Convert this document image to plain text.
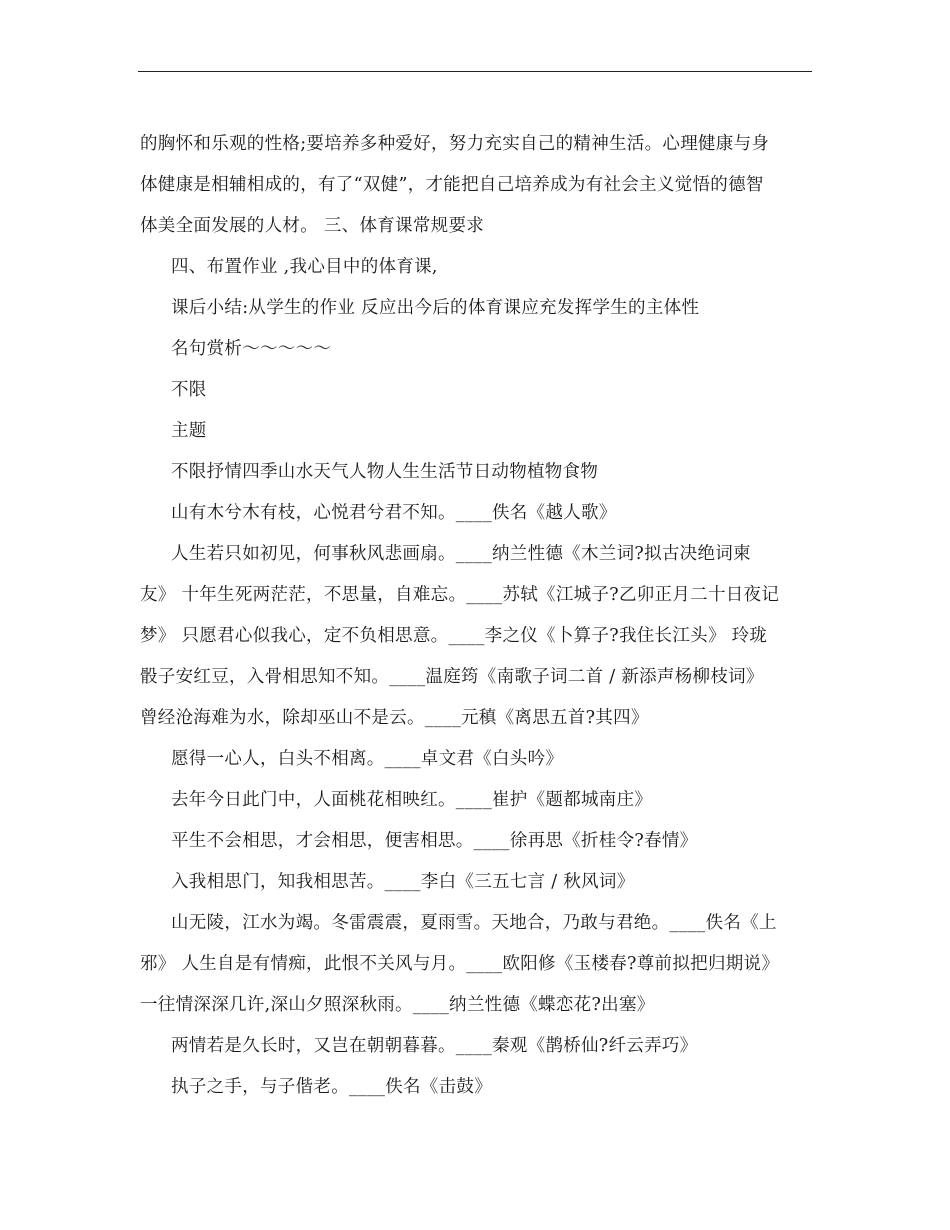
的胸怀和乐观的性格;要培养多种爱好，努力充实自己的精神生活。心理健康与身
体健康是相辅相成的，有了“双健”，才能把自己培养成为有社会主义觉悟的德智
体美全面发展的人材。 三、体育课常规要求
四、布置作业 ,我心目中的体育课,
课后小结:从学生的作业 反应出今后的体育课应充发挥学生的主体性
名句赏析～～～～～
不限
主题
不限抒情四季山水天气人物人生生活节日动物植物食物
山有木兮木有枝，心悦君兮君不知。____佚名《越人歌》
人生若只如初见，何事秋风悲画扇。____纳兰性德《木兰词?拟古决绝词柬
友》 十年生死两茫茫，不思量，自难忘。____苏轼《江城子?乙卯正月二十日夜记
梦》 只愿君心似我心，定不负相思意。____李之仪《卜算子?我住长江头》 玲珑
骰子安红豆，入骨相思知不知。____温庭筠《南歌子词二首 / 新添声杨柳枝词》
曾经沧海难为水，除却巫山不是云。____元稹《离思五首?其四》
愿得一心人，白头不相离。____卓文君《白头吟》
去年今日此门中，人面桃花相映红。____崔护《题都城南庄》
平生不会相思，才会相思，便害相思。____徐再思《折桂令?春情》
入我相思门，知我相思苦。____李白《三五七言 / 秋风词》
山无陵，江水为竭。冬雷震震，夏雨雪。天地合，乃敢与君绝。____佚名《上
邪》 人生自是有情痴，此恨不关风与月。____欧阳修《玉楼春?尊前拟把归期说》
一往情深深几许,深山夕照深秋雨。____纳兰性德《蝶恋花?出塞》
两情若是久长时，又岂在朝朝暮暮。____秦观《鹊桥仙?纤云弄巧》
执子之手，与子偕老。____佚名《击鼓》
